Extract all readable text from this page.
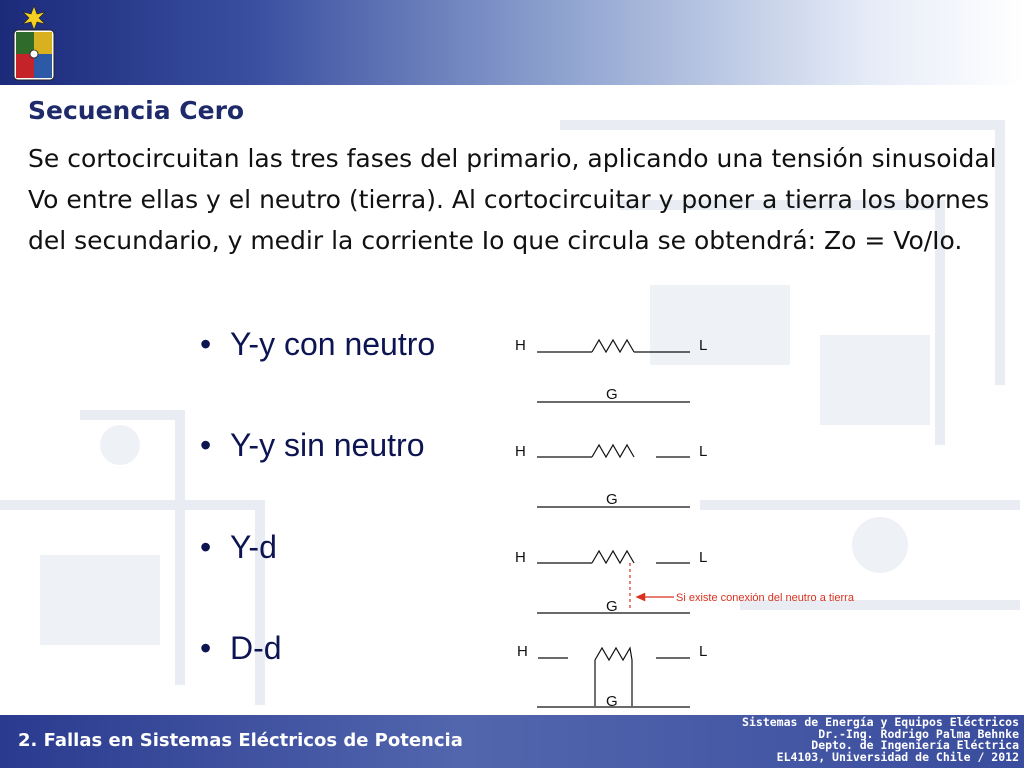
Secuencia Cero
Se cortocircuitan las tres fases del primario, aplicando una tensión sinusoidal Vo entre ellas y el neutro (tierra). Al cortocircuitar y poner a tierra los bornes del secundario, y medir la corriente Io que circula se obtendrá: Zo = Vo/Io.
• Y-y con neutro
• Y-y sin neutro
• Y-d
• D-d
H	L
G
H	L
G
H	L
G
H	L
G
Si existe conexión del neutro a tierra
2. Fallas en Sistemas Eléctricos de Potencia
Sistemas de Energía y Equipos Eléctricos
Dr.-Ing. Rodrigo Palma Behnke
Depto. de Ingeniería Eléctrica
EL4103, Universidad de Chile / 2012
